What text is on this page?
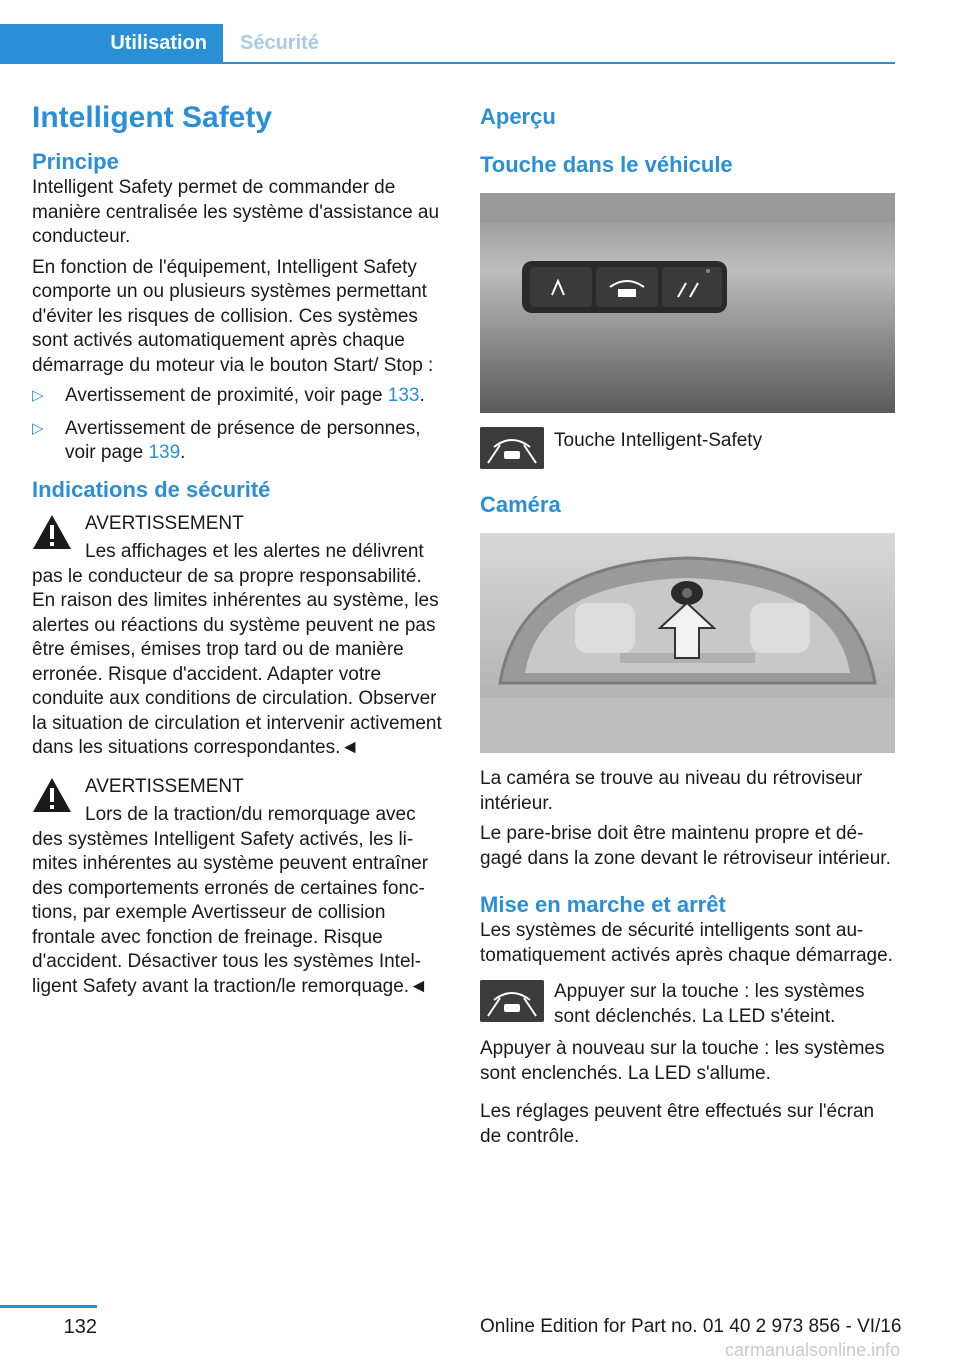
Utilisation	Sécurité
Intelligent Safety
Principe

Intelligent Safety permet de commander de manière centralisée les système d'assistance au conducteur.

En fonction de l'équipement, Intelligent Safety comporte un ou plusieurs systèmes permettant d'éviter les risques de collision. Ces systèmes sont activés automatiquement après chaque démarrage du moteur via le bouton Start/ Stop :

▷ Avertissement de proximité, voir page 133.
▷ Avertissement de présence de personnes, voir page 139.
Indications de sécurité
AVERTISSEMENT
Les affichages et les alertes ne délivrent pas le conducteur de sa propre responsabilité. En raison des limites inhérentes au système, les alertes ou réactions du système peuvent ne pas être émises, émises trop tard ou de manière erronée. Risque d'accident. Adapter votre conduite aux conditions de circulation. Observer la situation de circulation et intervenir activement dans les situations correspondantes.◄
AVERTISSEMENT
Lors de la traction/du remorquage avec des systèmes Intelligent Safety activés, les limites inhérentes au système peuvent entraîner des comportements erronés de certaines fonctions, par exemple Avertisseur de collision frontale avec fonction de freinage. Risque d'accident. Désactiver tous les systèmes Intelligent Safety avant la traction/le remorquage.◄
Aperçu
Touche dans le véhicule
Touche Intelligent-Safety
Caméra

La caméra se trouve au niveau du rétroviseur intérieur.

Le pare-brise doit être maintenu propre et dégagé dans la zone devant le rétroviseur intérieur.

Mise en marche et arrêt

Les systèmes de sécurité intelligents sont automatiquement activés après chaque démarrage.

Appuyer sur la touche : les systèmes sont déclenchés. La LED s'éteint.

Appuyer à nouveau sur la touche : les systèmes sont enclenchés. La LED s'allume.

Les réglages peuvent être effectués sur l'écran de contrôle.

132	Online Edition for Part no. 01 40 2 973 856 - VI/16
carmanualsonline.info
